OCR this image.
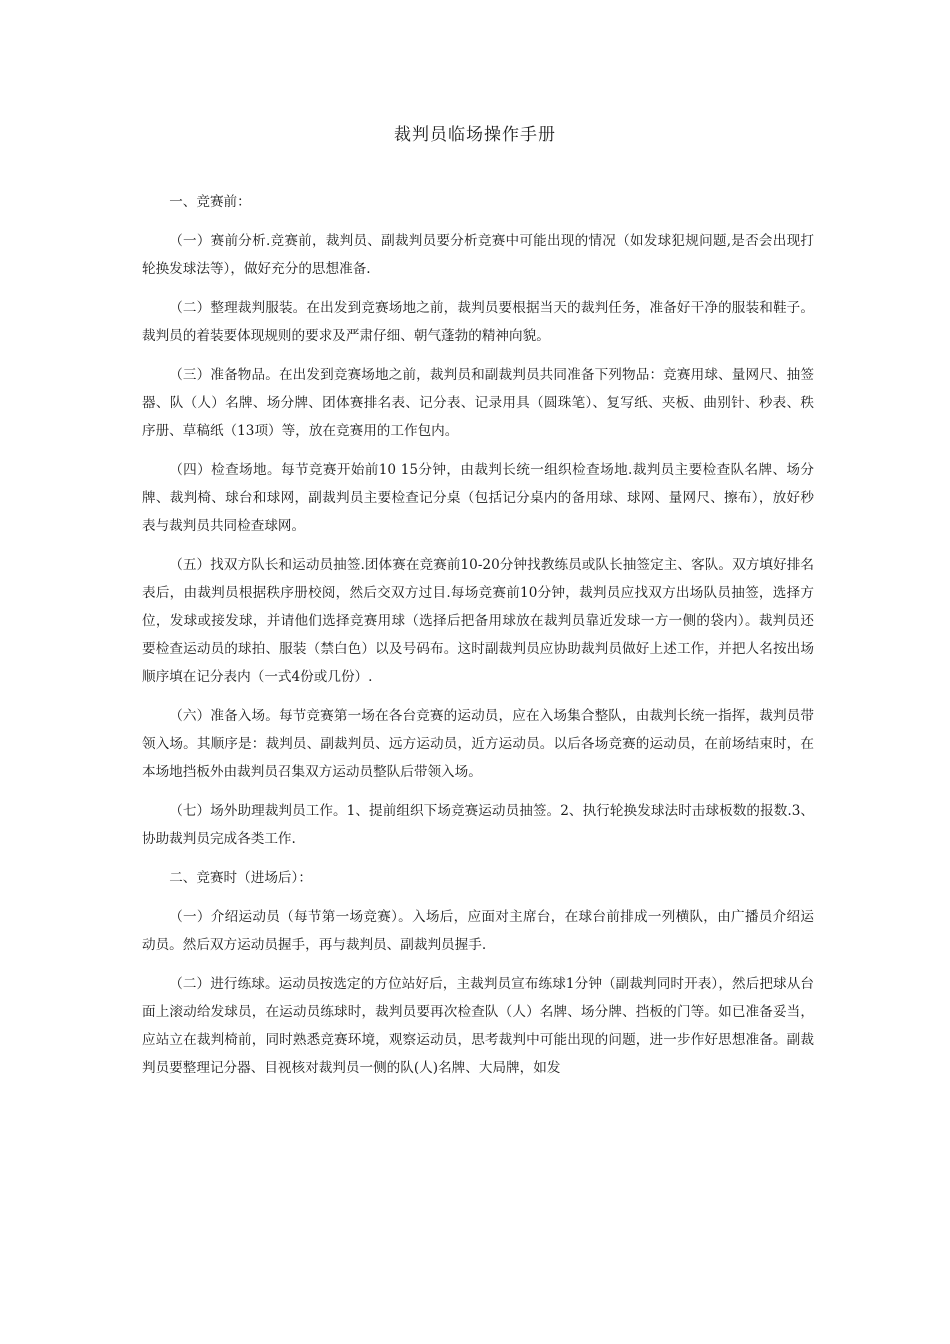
裁判员临场操作手册

一、竞赛前：

（一）赛前分析.竞赛前，裁判员、副裁判员要分析竞赛中可能出现的情况（如发球犯规问题,是否会出现打轮换发球法等），做好充分的思想准备.

（二）整理裁判服装。在出发到竞赛场地之前，裁判员要根据当天的裁判任务，准备好干净的服装和鞋子。裁判员的着装要体现规则的要求及严肃仔细、朝气蓬勃的精神向貌。

（三）准备物品。在出发到竞赛场地之前，裁判员和副裁判员共同准备下列物品：竞赛用球、量网尺、抽签器、队（人）名牌、场分牌、团体赛排名表、记分表、记录用具（圆珠笔）、复写纸、夹板、曲别针、秒表、秩序册、草稿纸（13项）等，放在竞赛用的工作包内。

（四）检查场地。每节竞赛开始前10 15分钟，由裁判长统一组织检查场地.裁判员主要检查队名牌、场分牌、裁判椅、球台和球网，副裁判员主要检查记分桌（包括记分桌内的备用球、球网、量网尺、擦布），放好秒表与裁判员共同检查球网。

（五）找双方队长和运动员抽签.团体赛在竞赛前10-20分钟找教练员或队长抽签定主、客队。双方填好排名表后，由裁判员根据秩序册校阅，然后交双方过目.每场竞赛前10分钟，裁判员应找双方出场队员抽签，选择方位，发球或接发球，并请他们选择竞赛用球（选择后把备用球放在裁判员靠近发球一方一侧的袋内）。裁判员还要检查运动员的球拍、服装（禁白色）以及号码布。这时副裁判员应协助裁判员做好上述工作，并把人名按出场顺序填在记分表内（一式4份或几份）.

（六）准备入场。每节竞赛第一场在各台竞赛的运动员，应在入场集合整队，由裁判长统一指挥，裁判员带领入场。其顺序是：裁判员、副裁判员、远方运动员，近方运动员。以后各场竞赛的运动员，在前场结束时，在本场地挡板外由裁判员召集双方运动员整队后带领入场。

（七）场外助理裁判员工作。1、提前组织下场竞赛运动员抽签。2、执行轮换发球法时击球板数的报数.3、协助裁判员完成各类工作.

二、竞赛时（进场后）：

（一）介绍运动员（每节第一场竞赛）。入场后，应面对主席台，在球台前排成一列横队，由广播员介绍运动员。然后双方运动员握手，再与裁判员、副裁判员握手.

（二）进行练球。运动员按选定的方位站好后，主裁判员宣布练球1分钟（副裁判同时开表），然后把球从台面上滚动给发球员，在运动员练球时，裁判员要再次检查队（人）名牌、场分牌、挡板的门等。如已准备妥当，应站立在裁判椅前，同时熟悉竞赛环境，观察运动员，思考裁判中可能出现的问题，进一步作好思想准备。副裁判员要整理记分器、目视核对裁判员一侧的队(人)名牌、大局牌，如发
